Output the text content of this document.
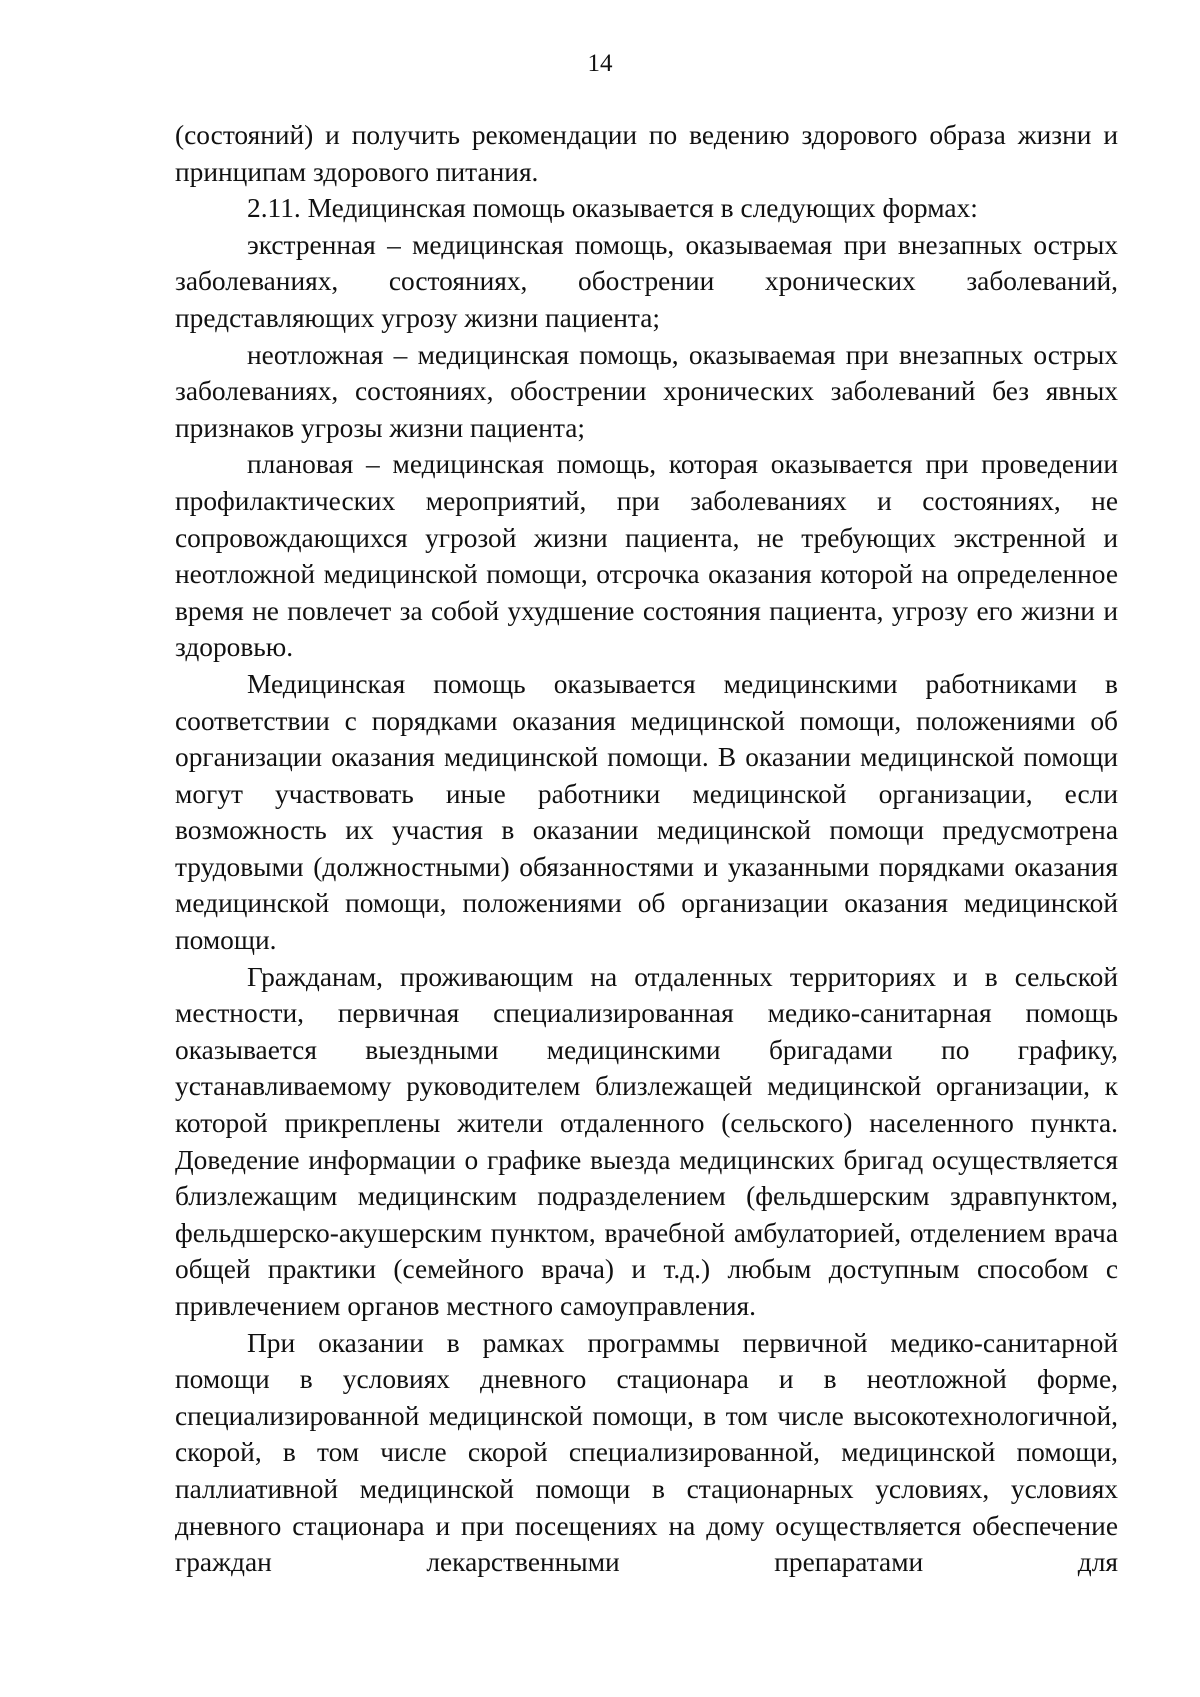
14

(состояний) и получить рекомендации по ведению здорового образа жизни и принципам здорового питания.

2.11. Медицинская помощь оказывается в следующих формах:

экстренная – медицинская помощь, оказываемая при внезапных острых заболеваниях, состояниях, обострении хронических заболеваний, представляющих угрозу жизни пациента;

неотложная – медицинская помощь, оказываемая при внезапных острых заболеваниях, состояниях, обострении хронических заболеваний без явных признаков угрозы жизни пациента;

плановая – медицинская помощь, которая оказывается при проведении профилактических мероприятий, при заболеваниях и состояниях, не сопровождающихся угрозой жизни пациента, не требующих экстренной и неотложной медицинской помощи, отсрочка оказания которой на определенное время не повлечет за собой ухудшение состояния пациента, угрозу его жизни и здоровью.

Медицинская помощь оказывается медицинскими работниками в соответствии с порядками оказания медицинской помощи, положениями об организации оказания медицинской помощи. В оказании медицинской помощи могут участвовать иные работники медицинской организации, если возможность их участия в оказании медицинской помощи предусмотрена трудовыми (должностными) обязанностями и указанными порядками оказания медицинской помощи, положениями об организации оказания медицинской помощи.

Гражданам, проживающим на отдаленных территориях и в сельской местности, первичная специализированная медико-санитарная помощь оказывается выездными медицинскими бригадами по графику, устанавливаемому руководителем близлежащей медицинской организации, к которой прикреплены жители отдаленного (сельского) населенного пункта. Доведение информации о графике выезда медицинских бригад осуществляется близлежащим медицинским подразделением (фельдшерским здравпунктом, фельдшерско-акушерским пунктом, врачебной амбулаторией, отделением врача общей практики (семейного врача) и т.д.) любым доступным способом с привлечением органов местного самоуправления.

При оказании в рамках программы первичной медико-санитарной помощи в условиях дневного стационара и в неотложной форме, специализированной медицинской помощи, в том числе высокотехнологичной, скорой, в том числе скорой специализированной, медицинской помощи, паллиативной медицинской помощи в стационарных условиях, условиях дневного стационара и при посещениях на дому осуществляется обеспечение граждан лекарственными препаратами для
